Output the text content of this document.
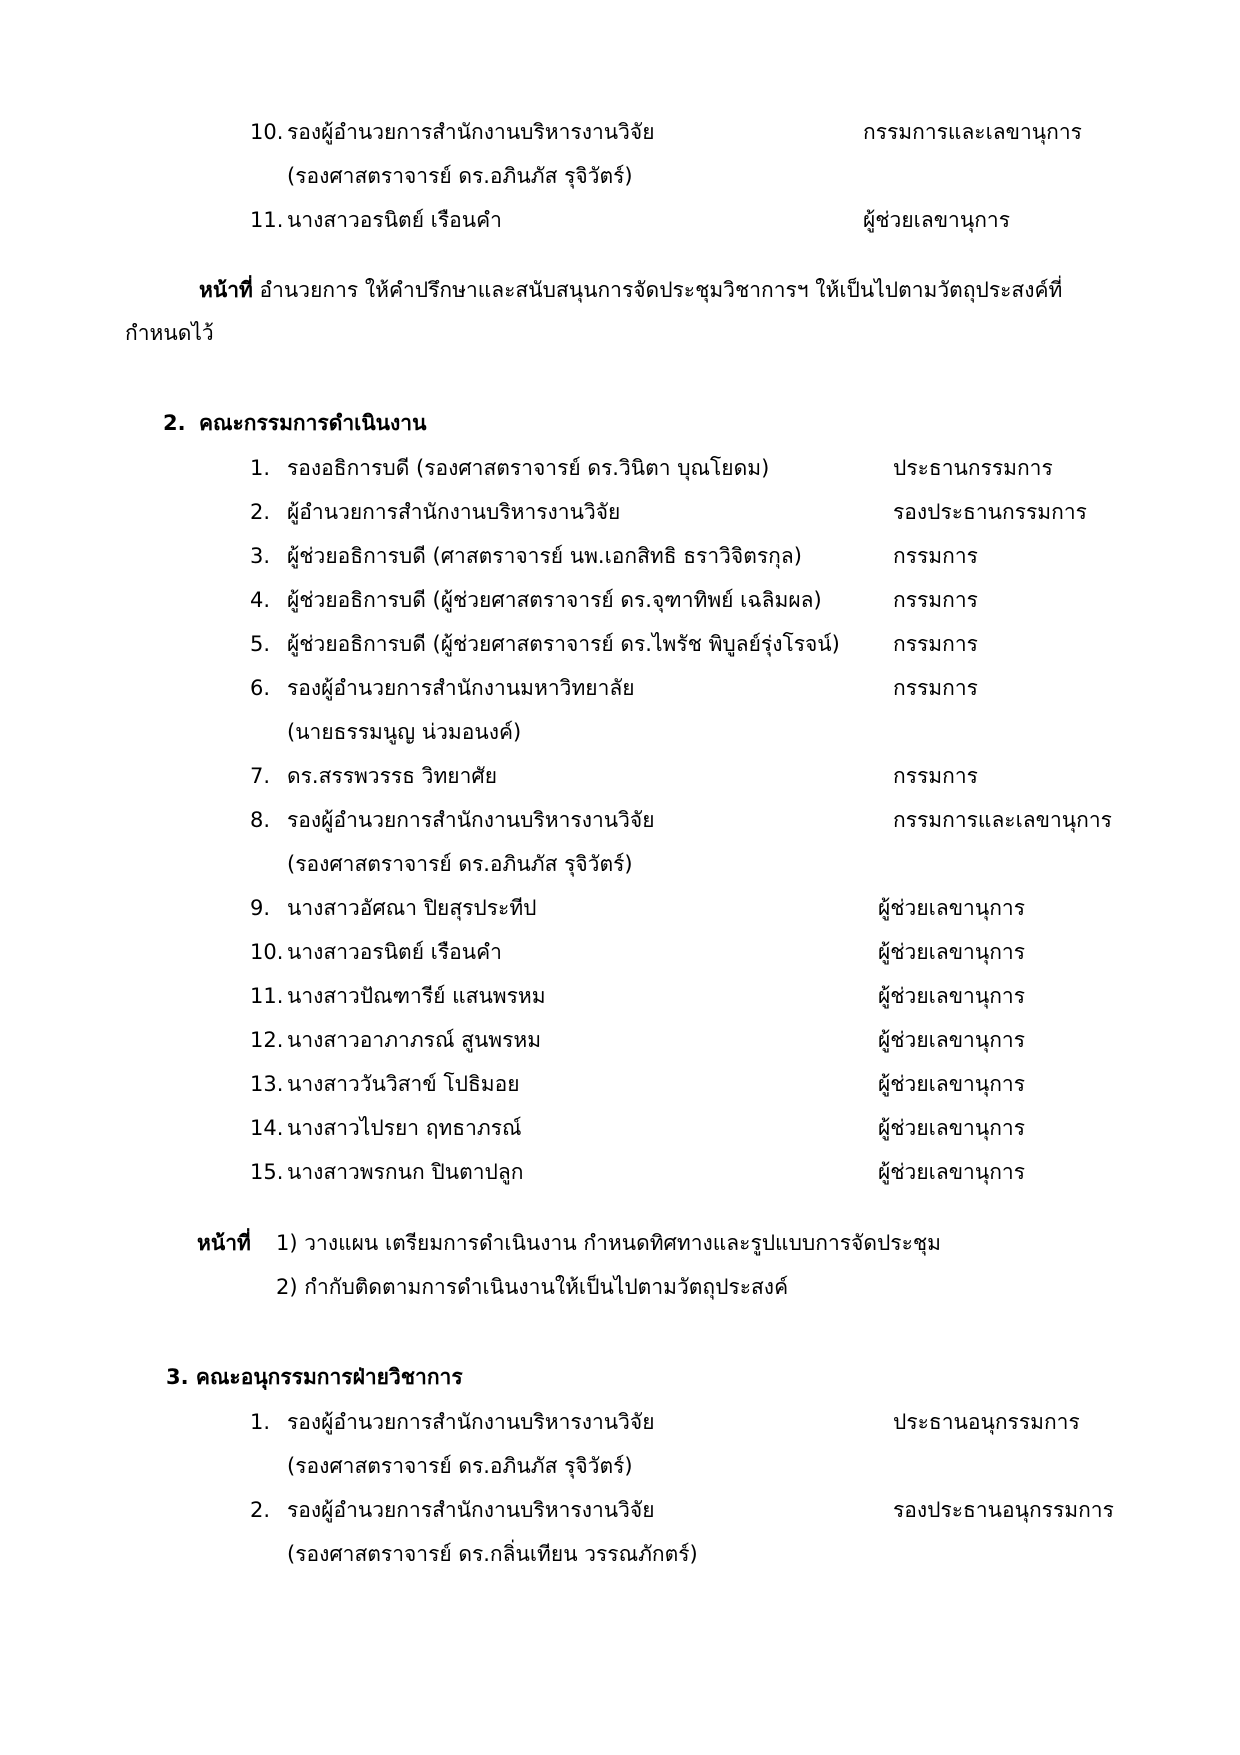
10. รองผู้อำนวยการสำนักงานบริหารงานวิจัย	กรรมการและเลขานุการ
(รองศาสตราจารย์ ดร.อภินภัส รุจิวัตร์)
11. นางสาวอรนิตย์ เรือนคำ	ผู้ช่วยเลขานุการ
หน้าที่ อำนวยการ ให้คำปรึกษาและสนับสนุนการจัดประชุมวิชาการฯ ให้เป็นไปตามวัตถุประสงค์ที่
กำหนดไว้
2. คณะกรรมการดำเนินงาน
1. รองอธิการบดี (รองศาสตราจารย์ ดร.วินิตา บุณโยดม)	ประธานกรรมการ
2. ผู้อำนวยการสำนักงานบริหารงานวิจัย	รองประธานกรรมการ
3. ผู้ช่วยอธิการบดี (ศาสตราจารย์ นพ.เอกสิทธิ ธราวิจิตรกุล)	กรรมการ
4. ผู้ช่วยอธิการบดี (ผู้ช่วยศาสตราจารย์ ดร.จุฑาทิพย์ เฉลิมผล)	กรรมการ
5. ผู้ช่วยอธิการบดี (ผู้ช่วยศาสตราจารย์ ดร.ไพรัช พิบูลย์รุ่งโรจน์)	กรรมการ
6. รองผู้อำนวยการสำนักงานมหาวิทยาลัย	กรรมการ
(นายธรรมนูญ น่วมอนงค์)
7. ดร.สรรพวรรธ วิทยาศัย	กรรมการ
8. รองผู้อำนวยการสำนักงานบริหารงานวิจัย	กรรมการและเลขานุการ
(รองศาสตราจารย์ ดร.อภินภัส รุจิวัตร์)
9. นางสาวอัศณา ปิยสุรประทีป	ผู้ช่วยเลขานุการ
10. นางสาวอรนิตย์ เรือนคำ	ผู้ช่วยเลขานุการ
11. นางสาวปัณฑารีย์ แสนพรหม	ผู้ช่วยเลขานุการ
12. นางสาวอาภาภรณ์ สูนพรหม	ผู้ช่วยเลขานุการ
13. นางสาววันวิสาข์ โปธิมอย	ผู้ช่วยเลขานุการ
14. นางสาวไปรยา ฤทธาภรณ์	ผู้ช่วยเลขานุการ
15. นางสาวพรกนก ปินตาปลูก	ผู้ช่วยเลขานุการ
หน้าที่ 1) วางแผน เตรียมการดำเนินงาน กำหนดทิศทางและรูปแบบการจัดประชุม
2) กำกับติดตามการดำเนินงานให้เป็นไปตามวัตถุประสงค์
3. คณะอนุกรรมการฝ่ายวิชาการ
1. รองผู้อำนวยการสำนักงานบริหารงานวิจัย	ประธานอนุกรรมการ
(รองศาสตราจารย์ ดร.อภินภัส รุจิวัตร์)
2. รองผู้อำนวยการสำนักงานบริหารงานวิจัย	รองประธานอนุกรรมการ
(รองศาสตราจารย์ ดร.กลิ่นเทียน วรรณภักตร์)
